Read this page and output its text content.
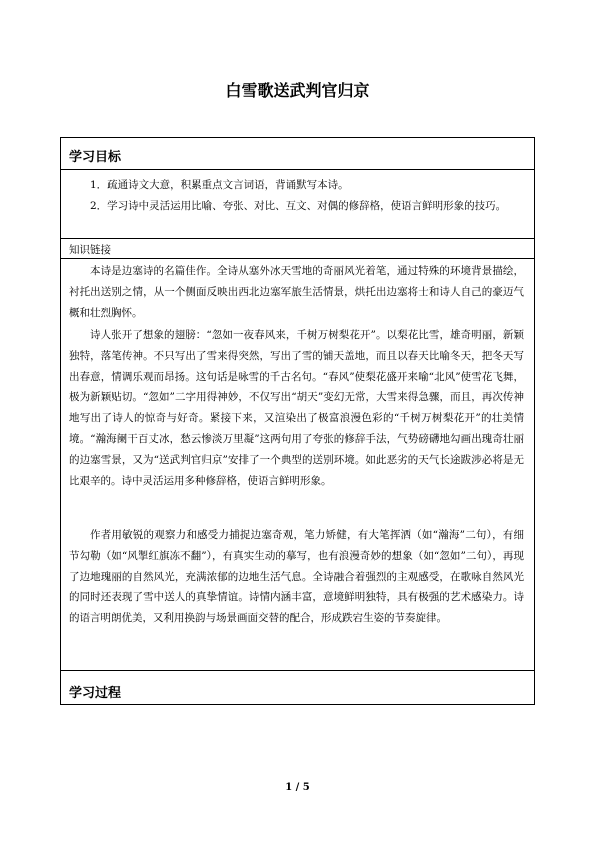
白雪歌送武判官归京
学习目标

1．疏通诗文大意，积累重点文言词语，背诵默写本诗。

2．学习诗中灵活运用比喻、夸张、对比、互文、对偶的修辞格，使语言鲜明形象的技巧。

知识链接

本诗是边塞诗的名篇佳作。全诗从塞外冰天雪地的奇丽风光着笔，通过特殊的环境背景描绘，衬托出送别之情，从一个侧面反映出西北边塞军旅生活情景，烘托出边塞将士和诗人自己的豪迈气概和壮烈胸怀。

诗人张开了想象的翅膀：“忽如一夜春风来，千树万树梨花开”。以梨花比雪，雄奇明丽，新颖独特，落笔传神。不只写出了雪来得突然，写出了雪的铺天盖地，而且以春天比喻冬天，把冬天写出春意，情调乐观而昂扬。这句话是咏雪的千古名句。“春风”使梨花盛开来喻“北风”使雪花飞舞，极为新颖贴切。“忽如”二字用得神妙，不仅写出“胡天”变幻无常，大雪来得急骤，而且，再次传神地写出了诗人的惊奇与好奇。紧接下来，又渲染出了极富浪漫色彩的“千树万树梨花开”的壮美情境。“瀚海阑干百丈冰，愁云惨淡万里凝”这两句用了夸张的修辞手法，气势磅礴地勾画出瑰奇壮丽的边塞雪景，又为“送武判官归京”安排了一个典型的送别环境。如此恶劣的天气长途跋涉必将是无比艰辛的。诗中灵活运用多种修辞格，使语言鲜明形象。

作者用敏锐的观察力和感受力捕捉边塞奇观，笔力矫健，有大笔挥洒（如“瀚海”二句），有细节勾勒（如“风掣红旗冻不翻”），有真实生动的摹写，也有浪漫奇妙的想象（如“忽如”二句），再现了边地瑰丽的自然风光，充满浓郁的边地生活气息。全诗融合着强烈的主观感受，在歌咏自然风光的同时还表现了雪中送人的真挚情谊。诗情内涵丰富，意境鲜明独特，具有极强的艺术感染力。诗的语言明朗优美，又利用换韵与场景画面交替的配合，形成跌宕生姿的节奏旋律。

学习过程
1 / 5
